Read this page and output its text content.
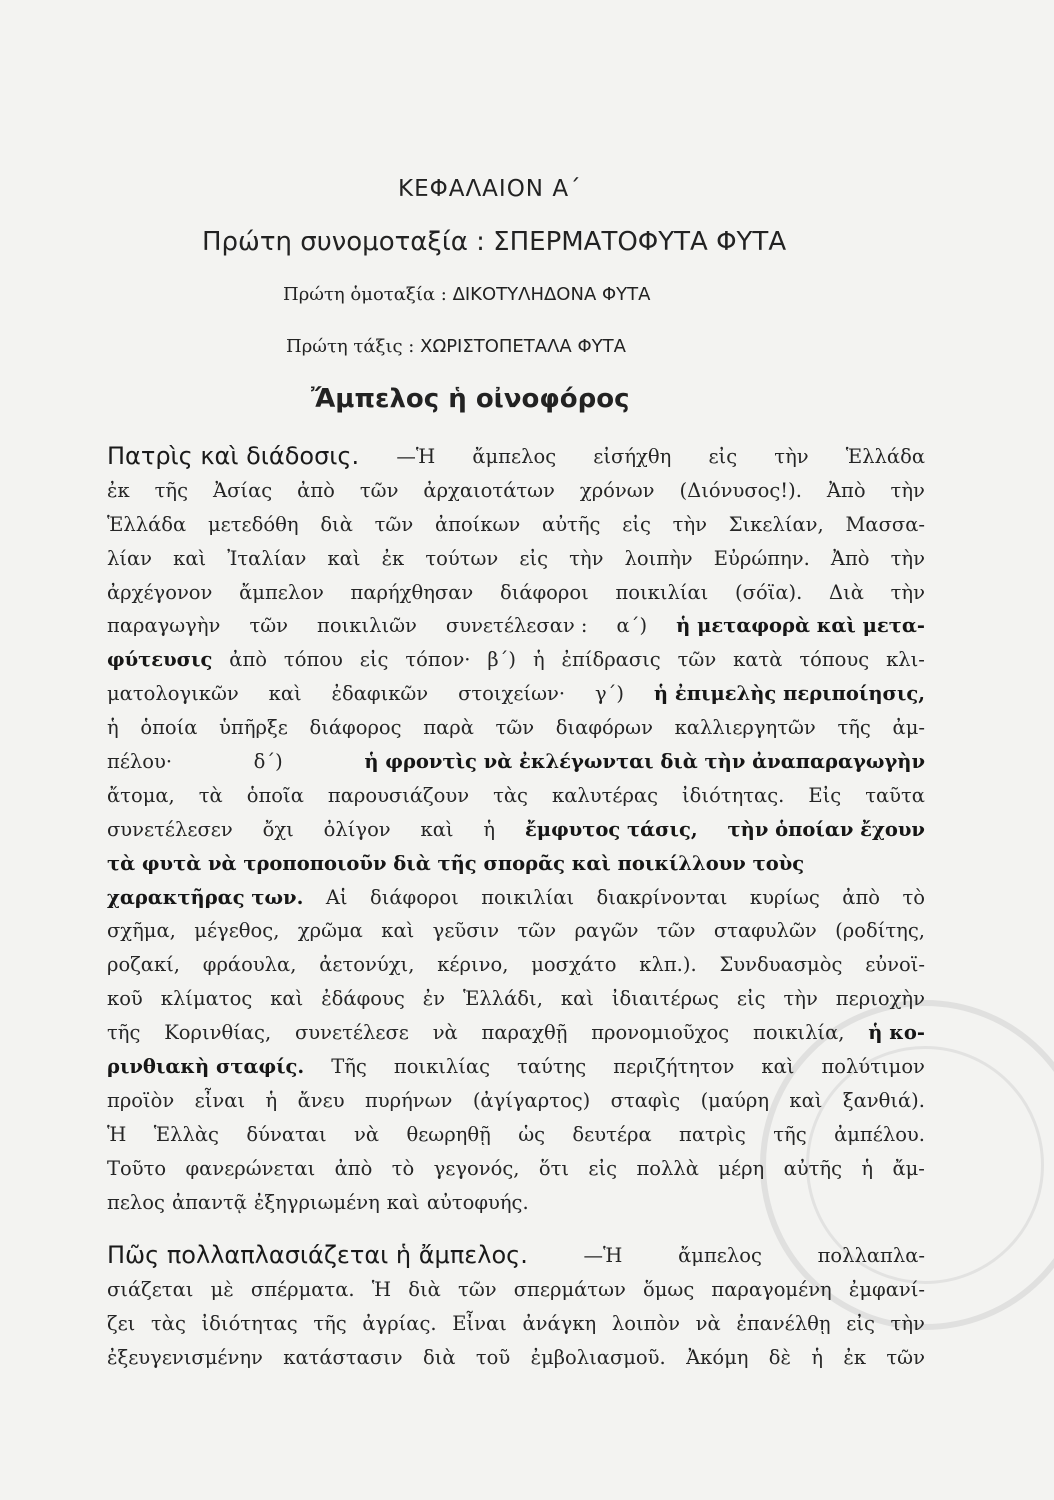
ΚΕΦΑΛΑΙΟΝ Α΄
Πρώτη συνομοταξία : ΣΠΕΡΜΑΤΟΦΥΤΑ ΦΥΤΑ
Πρώτη ὁμοταξία : ΔΙΚΟΤΥΛΗΔΟΝΑ ΦΥΤΑ
Πρώτη τάξις : ΧΩΡΙΣΤΟΠΕΤΑΛΑ ΦΥΤΑ
Ἄμπελος ἡ οἰνοφόρος
Πατρὶς καὶ διάδοσις. —Ἡ ἄμπελος εἰσήχθη εἰς τὴν Ἑλλάδα
ἐκ τῆς Ἀσίας ἀπὸ τῶν ἀρχαιοτάτων χρόνων (Διόνυσος!). Ἀπὸ τὴν
Ἑλλάδα μετεδόθη διὰ τῶν ἀποίκων αὐτῆς εἰς τὴν Σικελίαν, Μασσα-
λίαν καὶ Ἰταλίαν καὶ ἐκ τούτων εἰς τὴν λοιπὴν Εὐρώπην. Ἀπὸ τὴν
ἀρχέγονον ἄμπελον παρήχθησαν διάφοροι ποικιλίαι (σόϊα). Διὰ τὴν
παραγωγὴν τῶν ποικιλιῶν συνετέλεσαν : α΄) ἡ μεταφορὰ καὶ μετα-
φύτευσις ἀπὸ τόπου εἰς τόπον· β΄) ἡ ἐπίδρασις τῶν κατὰ τόπους κλι-
ματολογικῶν καὶ ἐδαφικῶν στοιχείων· γ΄) ἡ ἐπιμελὴς περιποίησις,
ἡ ὁποία ὑπῆρξε διάφορος παρὰ τῶν διαφόρων καλλιεργητῶν τῆς ἀμ-
πέλου·	δ΄)	ἡ φροντὶς νὰ ἐκλέγωνται διὰ τὴν ἀναπαραγωγὴν
ἄτομα, τὰ ὁποῖα παρουσιάζουν τὰς καλυτέρας ἰδιότητας. Εἰς ταῦτα
συνετέλεσεν ὄχι ὀλίγον καὶ ἡ ἔμφυτος τάσις, τὴν ὁποίαν ἔχουν
τὰ φυτὰ νὰ τροποποιοῦν διὰ τῆς σπορᾶς καὶ ποικίλλουν τοὺς
χαρακτῆρας των. Αἱ διάφοροι ποικιλίαι διακρίνονται κυρίως ἀπὸ τὸ
σχῆμα, μέγεθος, χρῶμα καὶ γεῦσιν τῶν ραγῶν τῶν σταφυλῶν (ροδίτης,
ροζακί, φράουλα, ἀετονύχι, κέρινο, μοσχάτο κλπ.). Συνδυασμὸς εὐνοϊ-
κοῦ κλίματος καὶ ἐδάφους ἐν Ἑλλάδι, καὶ ἰδιαιτέρως εἰς τὴν περιοχὴν
τῆς Κορινθίας, συνετέλεσε νὰ παραχθῇ προνομιοῦχος ποικιλία, ἡ κο-
ρινθιακὴ σταφίς. Τῆς ποικιλίας ταύτης περιζήτητον καὶ πολύτιμον
προϊὸν εἶναι ἡ ἄνευ πυρήνων (ἀγίγαρτος) σταφὶς (μαύρη καὶ ξανθιά).
Ἡ Ἑλλὰς δύναται νὰ θεωρηθῇ ὡς δευτέρα πατρὶς τῆς ἀμπέλου.
Τοῦτο φανερώνεται ἀπὸ τὸ γεγονός, ὅτι εἰς πολλὰ μέρη αὐτῆς ἡ ἄμ-
πελος ἀπαντᾷ ἐξηγριωμένη καὶ αὐτοφυής.
Πῶς πολλαπλασιάζεται ἡ ἄμπελος.	—Ἡ	ἄμπελος	πολλαπλα-
σιάζεται μὲ σπέρματα. Ἡ διὰ τῶν σπερμάτων ὅμως παραγομένη ἐμφανί-
ζει τὰς ἰδιότητας τῆς ἀγρίας. Εἶναι ἀνάγκη λοιπὸν νὰ ἐπανέλθῃ εἰς τὴν
ἐξευγενισμένην κατάστασιν διὰ τοῦ ἐμβολιασμοῦ. Ἀκόμη δὲ ἡ ἐκ τῶν
